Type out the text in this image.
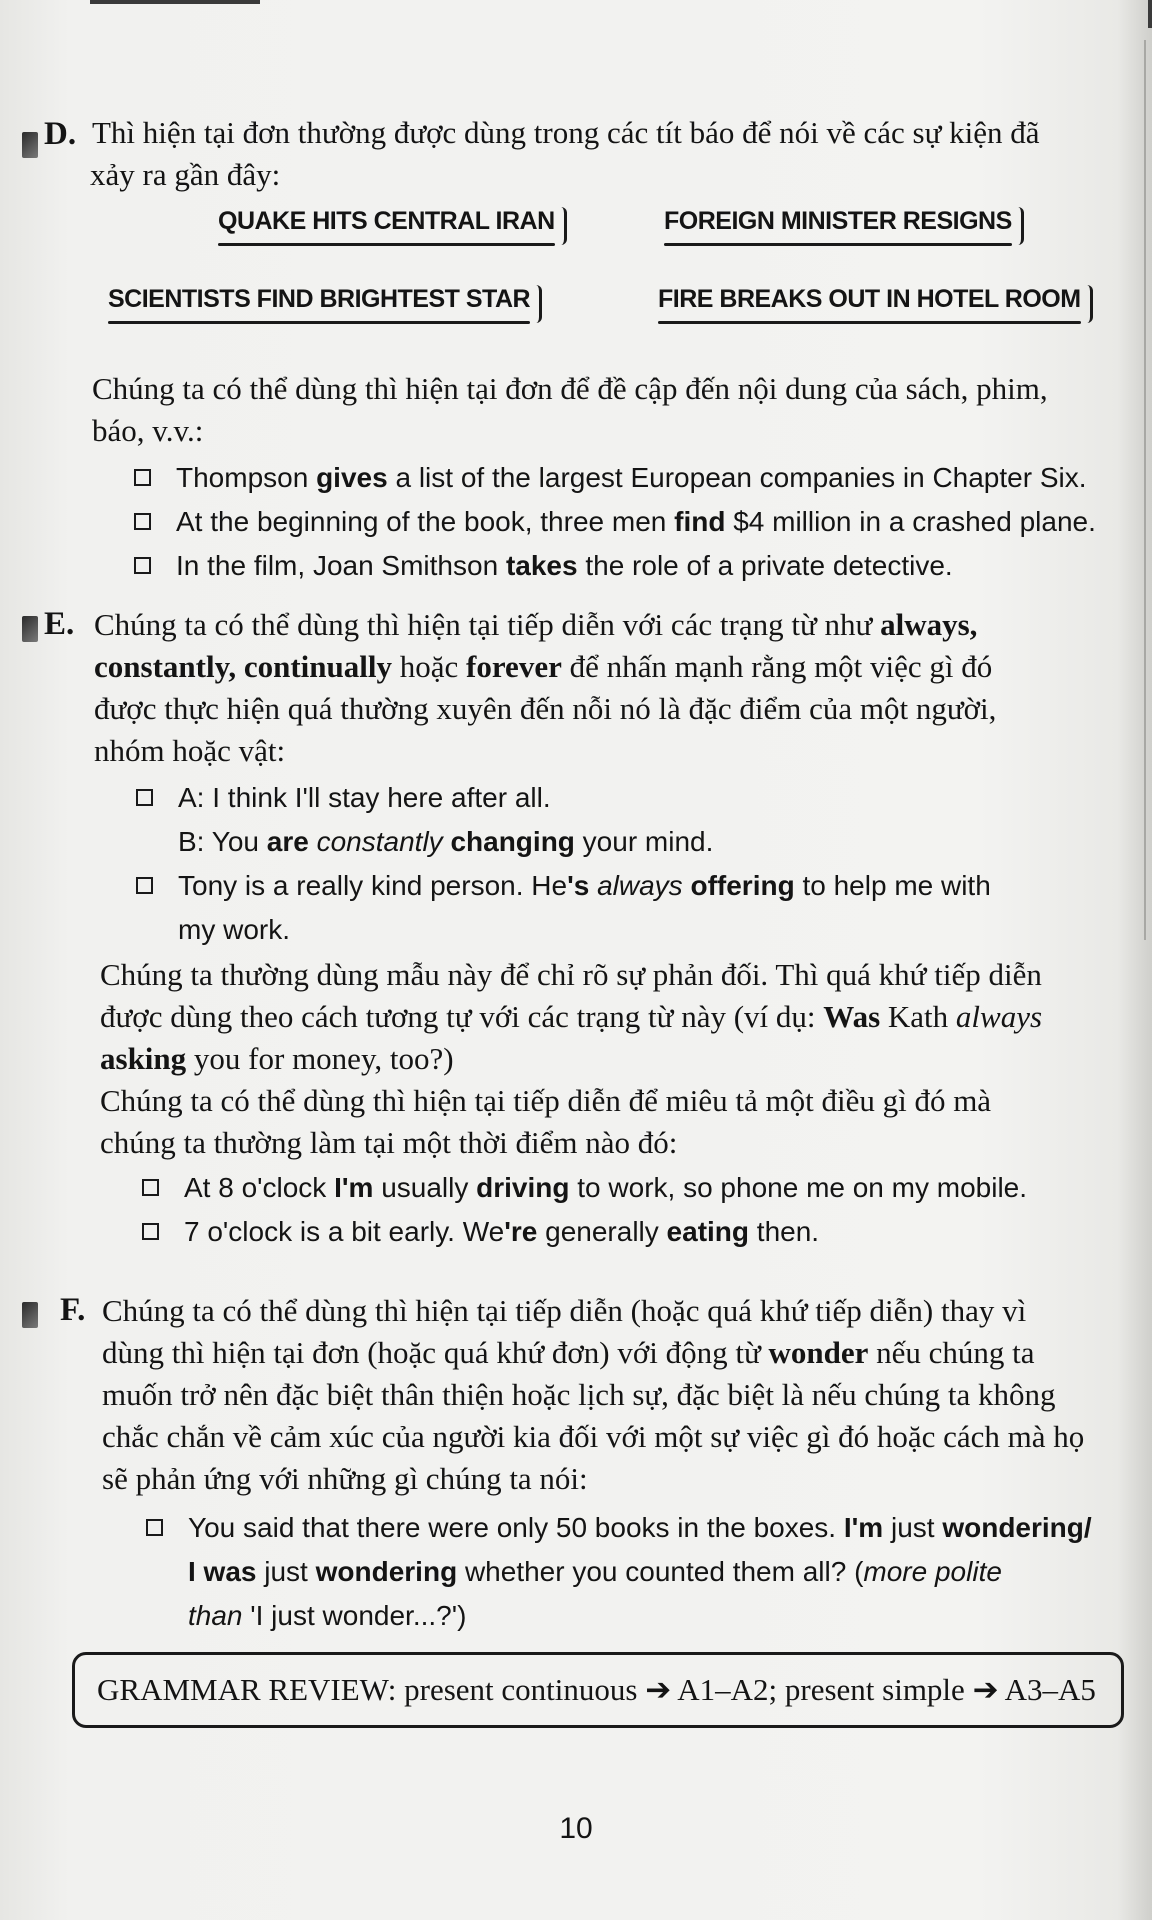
D. Thì hiện tại đơn thường được dùng trong các tít báo để nói về các sự kiện đã

xảy ra gần đây:

QUAKE HITS CENTRAL IRAN	FOREIGN MINISTER RESIGNS
SCIENTISTS FIND BRIGHTEST STAR	FIRE BREAKS OUT IN HOTEL ROOM

Chúng ta có thể dùng thì hiện tại đơn để đề cập đến nội dung của sách, phim,

báo, v.v.:

Thompson gives a list of the largest European companies in Chapter Six.
At the beginning of the book, three men find $4 million in a crashed plane.
In the film, Joan Smithson takes the role of a private detective.
E. Chúng ta có thể dùng thì hiện tại tiếp diễn với các trạng từ như always,

constantly, continually hoặc forever để nhấn mạnh rằng một việc gì đó

được thực hiện quá thường xuyên đến nỗi nó là đặc điểm của một người,

nhóm hoặc vật:

A: I think I'll stay here after all.
B: You are constantly changing your mind.
Tony is a really kind person. He's always offering to help me with
my work.

Chúng ta thường dùng mẫu này để chỉ rõ sự phản đối. Thì quá khứ tiếp diễn

được dùng theo cách tương tự với các trạng từ này (ví dụ: Was Kath always

asking you for money, too?)

Chúng ta có thể dùng thì hiện tại tiếp diễn để miêu tả một điều gì đó mà

chúng ta thường làm tại một thời điểm nào đó:

At 8 o'clock I'm usually driving to work, so phone me on my mobile.
7 o'clock is a bit early. We're generally eating then.
F. Chúng ta có thể dùng thì hiện tại tiếp diễn (hoặc quá khứ tiếp diễn) thay vì

dùng thì hiện tại đơn (hoặc quá khứ đơn) với động từ wonder nếu chúng ta

muốn trở nên đặc biệt thân thiện hoặc lịch sự, đặc biệt là nếu chúng ta không

chắc chắn về cảm xúc của người kia đối với một sự việc gì đó hoặc cách mà họ

sẽ phản ứng với những gì chúng ta nói:

You said that there were only 50 books in the boxes. I'm just wondering/
I was just wondering whether you counted them all? (more polite
than 'I just wonder...?')
GRAMMAR REVIEW: present continuous ➔ A1–A2; present simple ➔ A3–A5
10
